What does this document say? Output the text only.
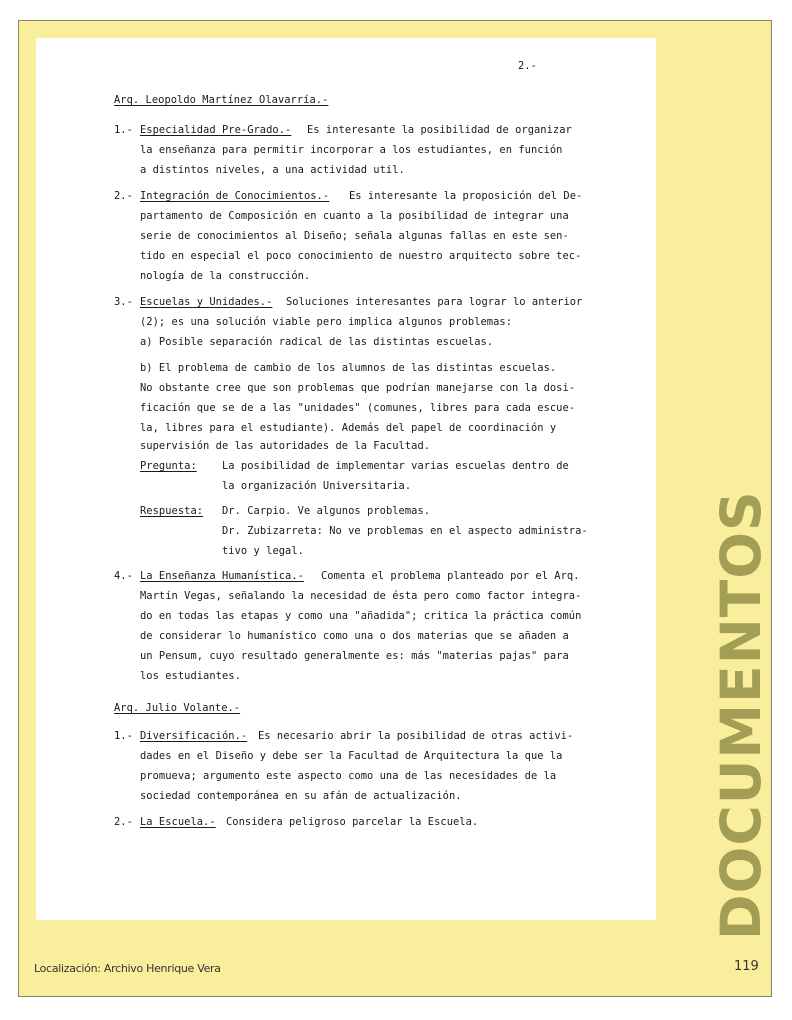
2.-
Arq. Leopoldo Martínez Olavarría.-
1.- Especialidad Pre-Grado.- Es interesante la posibilidad de organizar
la enseñanza para permitir incorporar a los estudiantes, en función
a distintos niveles, a una actividad util.
2.- Integración de Conocimientos.- Es interesante la proposición del De-
partamento de Composición en cuanto a la posibilidad de integrar una
serie de conocimientos al Diseño; señala algunas fallas en este sen-
tido en especial el poco conocimiento de nuestro arquitecto sobre tec-
nología de la construcción.
3.- Escuelas y Unidades.- Soluciones interesantes para lograr lo anterior
(2); es una solución viable pero implica algunos problemas:
a) Posible separación radical de las distintas escuelas.
b) El problema de cambio de los alumnos de las distintas escuelas.
No obstante cree que son problemas que podrían manejarse con la dosi-
ficación que se de a las "unidades" (comunes, libres para cada escue-
la, libres para el estudiante). Además del papel de coordinación y
supervisión de las autoridades de la Facultad.
Pregunta: La posibilidad de implementar varias escuelas dentro de
la organización Universitaria.
Respuesta: Dr. Carpio. Ve algunos problemas.
Dr. Zubizarreta: No ve problemas en el aspecto administra-
tivo y legal.
4.- La Enseñanza Humanística.- Comenta el problema planteado por el Arq.
Martín Vegas, señalando la necesidad de ésta pero como factor integra-
do en todas las etapas y como una "añadida"; critica la práctica común
de considerar lo humanístico como una o dos materias que se añaden a
un Pensum, cuyo resultado generalmente es: más "materias pajas" para
los estudiantes.
Arq. Julio Volante.-
1.- Diversificación.- Es necesario abrir la posibilidad de otras activi-
dades en el Diseño y debe ser la Facultad de Arquitectura la que la
promueva; argumento este aspecto como una de las necesidades de la
sociedad contemporánea en su afán de actualización.
2.- La Escuela.- Considera peligroso parcelar la Escuela.	DOCUMENTOS
Localización: Archivo Henrique Vera	119
